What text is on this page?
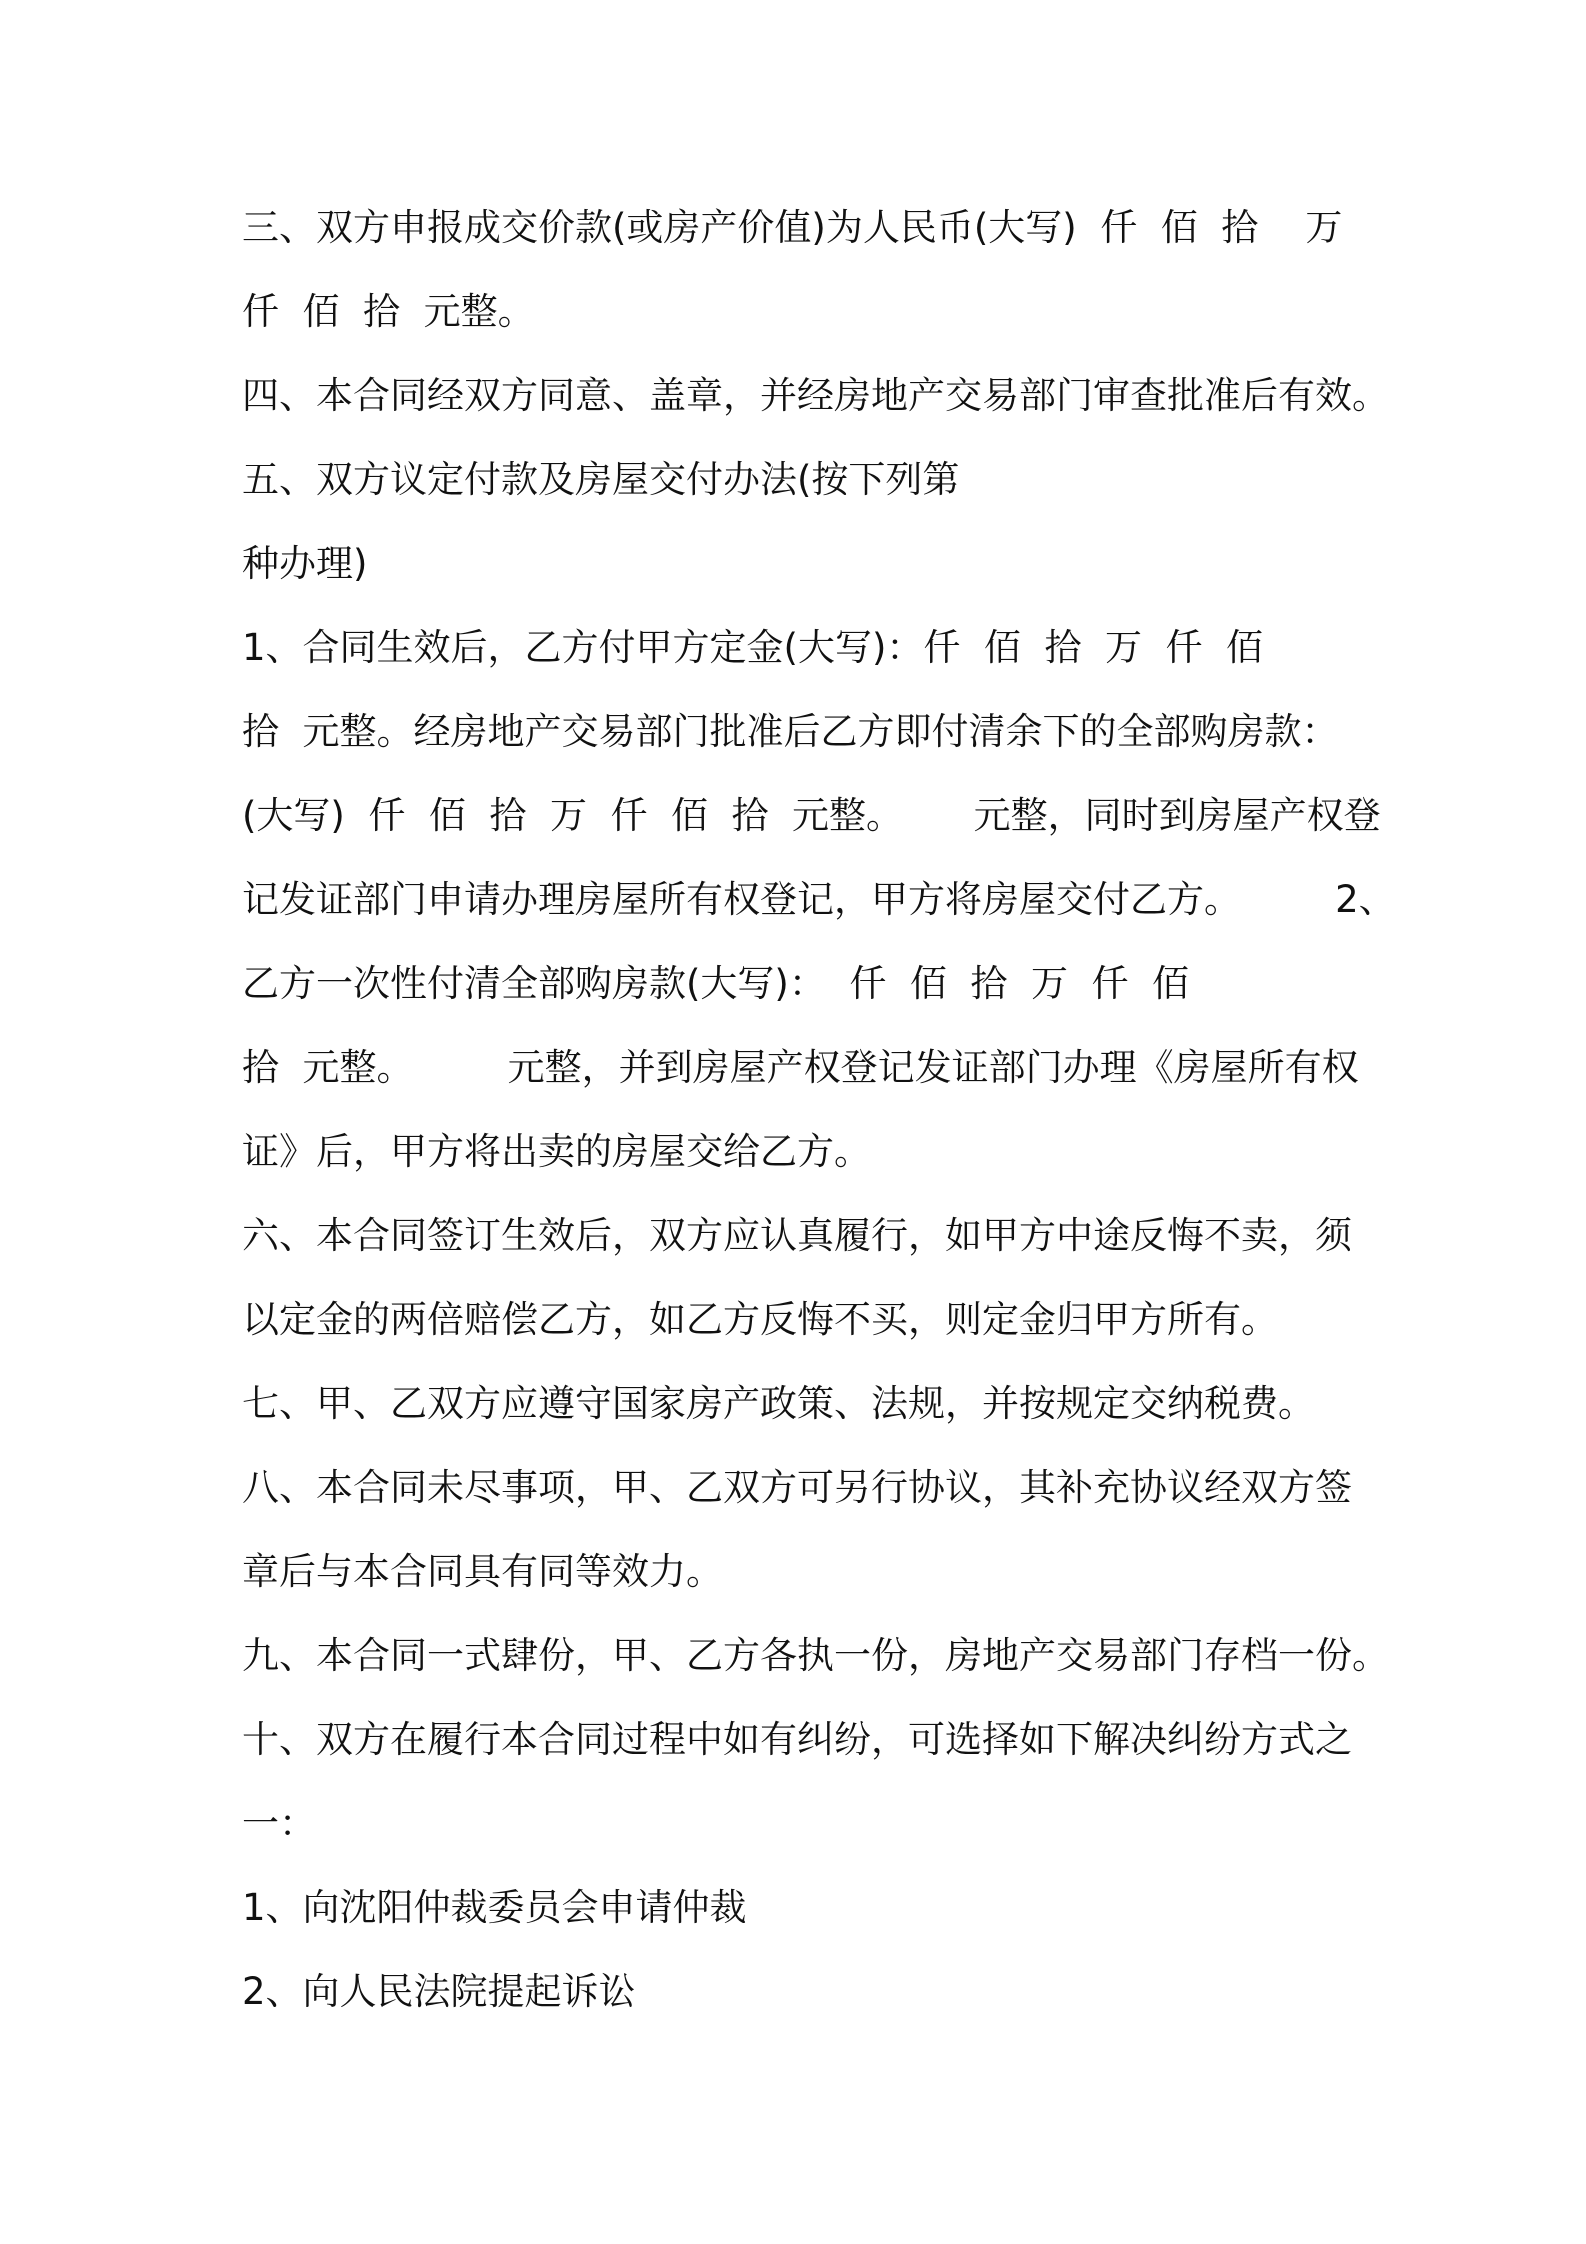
三、双方申报成交价款(或房产价值)为人民币(大写)  仟  佰  拾    万

仟  佰  拾  元整。

四、本合同经双方同意、盖章，并经房地产交易部门审查批准后有效。

五、双方议定付款及房屋交付办法(按下列第

种办理)

1、合同生效后，乙方付甲方定金(大写)：仟  佰  拾  万  仟  佰

拾  元整。经房地产交易部门批准后乙方即付清余下的全部购房款：

(大写)  仟  佰  拾  万  仟  佰  拾  元整。      元整，同时到房屋产权登

记发证部门申请办理房屋所有权登记，甲方将房屋交付乙方。        2、

乙方一次性付清全部购房款(大写)：  仟  佰  拾  万  仟  佰

拾  元整。        元整，并到房屋产权登记发证部门办理《房屋所有权

证》后，甲方将出卖的房屋交给乙方。

六、本合同签订生效后，双方应认真履行，如甲方中途反悔不卖，须

以定金的两倍赔偿乙方，如乙方反悔不买，则定金归甲方所有。

七、甲、乙双方应遵守国家房产政策、法规，并按规定交纳税费。

八、本合同未尽事项，甲、乙双方可另行协议，其补充协议经双方签

章后与本合同具有同等效力。

九、本合同一式肆份，甲、乙方各执一份，房地产交易部门存档一份。

十、双方在履行本合同过程中如有纠纷，可选择如下解决纠纷方式之

一：

1、向沈阳仲裁委员会申请仲裁

2、向人民法院提起诉讼
